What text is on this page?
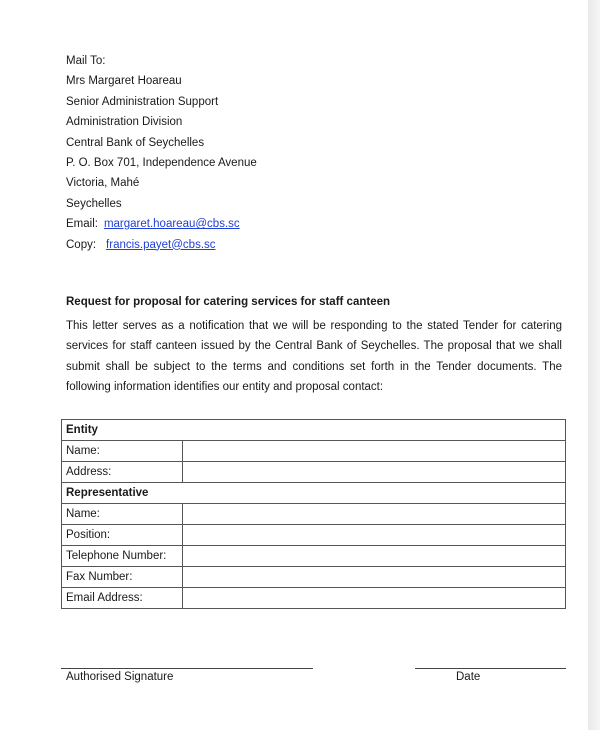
Mail To:
Mrs Margaret Hoareau
Senior Administration Support
Administration Division
Central Bank of Seychelles
P. O. Box 701, Independence Avenue
Victoria, Mahé
Seychelles
Email: margaret.hoareau@cbs.sc
Copy: francis.payet@cbs.sc
Request for proposal for catering services for staff canteen

This letter serves as a notification that we will be responding to the stated Tender for catering services for staff canteen issued by the Central Bank of Seychelles. The proposal that we shall submit shall be subject to the terms and conditions set forth in the Tender documents. The following information identifies our entity and proposal contact:

Entity	
Name:	
Address:	
Representative	
Name:	
Position:	
Telephone Number:	
Fax Number:	
Email Address:	
Authorised Signature	Date
